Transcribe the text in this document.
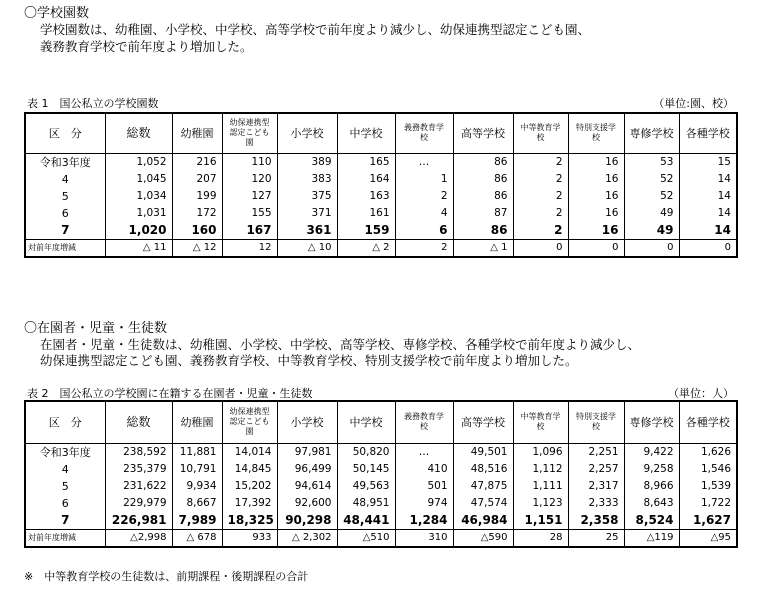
〇学校園数
学校園数は、幼稚園、小学校、中学校、高等学校で前年度より減少し、幼保連携型認定こども園、
義務教育学校で前年度より増加した。
表 1　国公私立の学校園数	（単位:園、校）
区　分	総数	幼稚園	幼保連携型認定こども園	小学校	中学校	義務教育学校	高等学校	中等教育学校	特別支援学校	専修学校	各種学校
令和3年度	1,052	216	110	389	165	…	86	2	16	53	15
4	1,045	207	120	383	164	1	86	2	16	52	14
5	1,034	199	127	375	163	2	86	2	16	52	14
6	1,031	172	155	371	161	4	87	2	16	49	14
7	1,020	160	167	361	159	6	86	2	16	49	14
対前年度増減	△ 11	△ 12	12	△ 10	△ 2	2	△ 1	0	0	0	0
〇在園者・児童・生徒数
在園者・児童・生徒数は、幼稚園、小学校、中学校、高等学校、専修学校、各種学校で前年度より減少し、
幼保連携型認定こども園、義務教育学校、中等教育学校、特別支援学校で前年度より増加した。
表 2　国公私立の学校園に在籍する在園者・児童・生徒数	（単位：人）
区　分	総数	幼稚園	幼保連携型認定こども園	小学校	中学校	義務教育学校	高等学校	中等教育学校	特別支援学校	専修学校	各種学校
令和3年度	238,592	11,881	14,014	97,981	50,820	…	49,501	1,096	2,251	9,422	1,626
4	235,379	10,791	14,845	96,499	50,145	410	48,516	1,112	2,257	9,258	1,546
5	231,622	9,934	15,202	94,614	49,563	501	47,875	1,111	2,317	8,966	1,539
6	229,979	8,667	17,392	92,600	48,951	974	47,574	1,123	2,333	8,643	1,722
7	226,981	7,989	18,325	90,298	48,441	1,284	46,984	1,151	2,358	8,524	1,627
対前年度増減	△2,998	△ 678	933	△ 2,302	△510	310	△590	28	25	△119	△95
※　中等教育学校の生徒数は、前期課程・後期課程の合計
